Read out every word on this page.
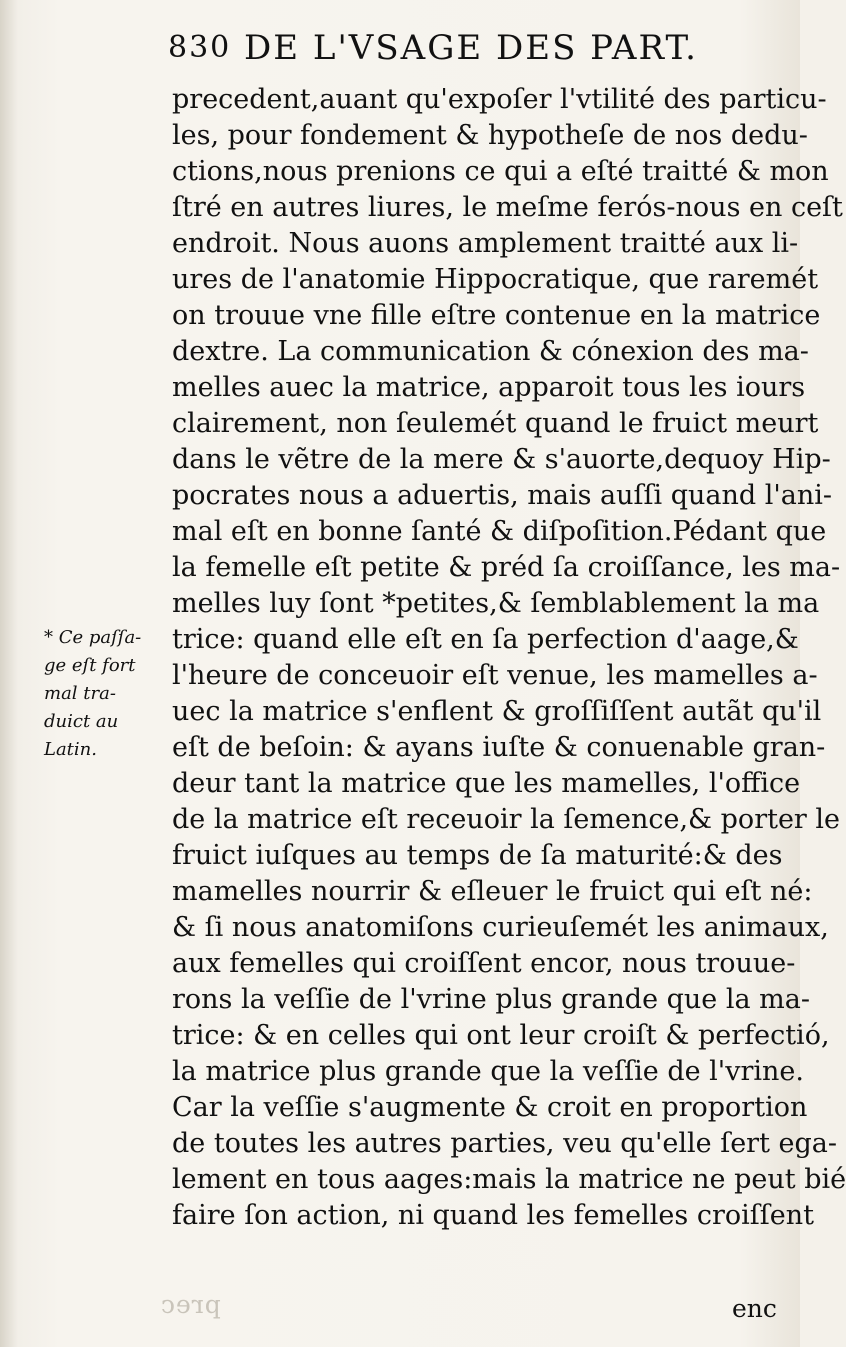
830 DE L'VSAGE DES PART.
precedent,auant qu'expoſer l'vtilité des particu-
les, pour fondement & hypotheſe de nos dedu-
ctions,nous prenions ce qui a eſté traitté & mon
ſtré en autres liures, le meſme ferós-nous en ceſt
endroit. Nous auons amplement traitté aux li-
ures de l'anatomie Hippocratique, que raremét
on trouue vne fille eſtre contenue en la matrice
dextre. La communication & cónexion des ma-
melles auec la matrice, apparoit tous les iours
clairement, non ſeulemét quand le fruict meurt
dans le vẽtre de la mere & s'auorte,dequoy Hip-
pocrates nous a aduertis, mais auſſi quand l'ani-
mal eſt en bonne ſanté & diſpoſition.Pédant que
la femelle eſt petite & préd ſa croiſſance, les ma-
melles luy ſont *petites,& ſemblablement la ma
trice: quand elle eſt en ſa perfection d'aage,&
l'heure de conceuoir eſt venue, les mamelles a-
uec la matrice s'enflent & groſſiſſent autãt qu'il
eſt de beſoin: & ayans iuſte & conuenable gran-
deur tant la matrice que les mamelles, l'office
de la matrice eſt receuoir la ſemence,& porter le
fruict iuſques au temps de ſa maturité:& des
mamelles nourrir & eſleuer le fruict qui eſt né:
& ſi nous anatomiſons curieuſemét les animaux,
aux femelles qui croiſſent encor, nous trouue-
rons la veſſie de l'vrine plus grande que la ma-
trice: & en celles qui ont leur croiſt & perfectió,
la matrice plus grande que la veſſie de l'vrine.
Car la veſſie s'augmente & croit en proportion
de toutes les autres parties, veu qu'elle ſert ega-
lement en tous aages:mais la matrice ne peut bié
faire ſon action, ni quand les femelles croiſſent
* Ce paſſa-
ge eſt fort
mal tra-
duict au
Latin.
prec	enc
